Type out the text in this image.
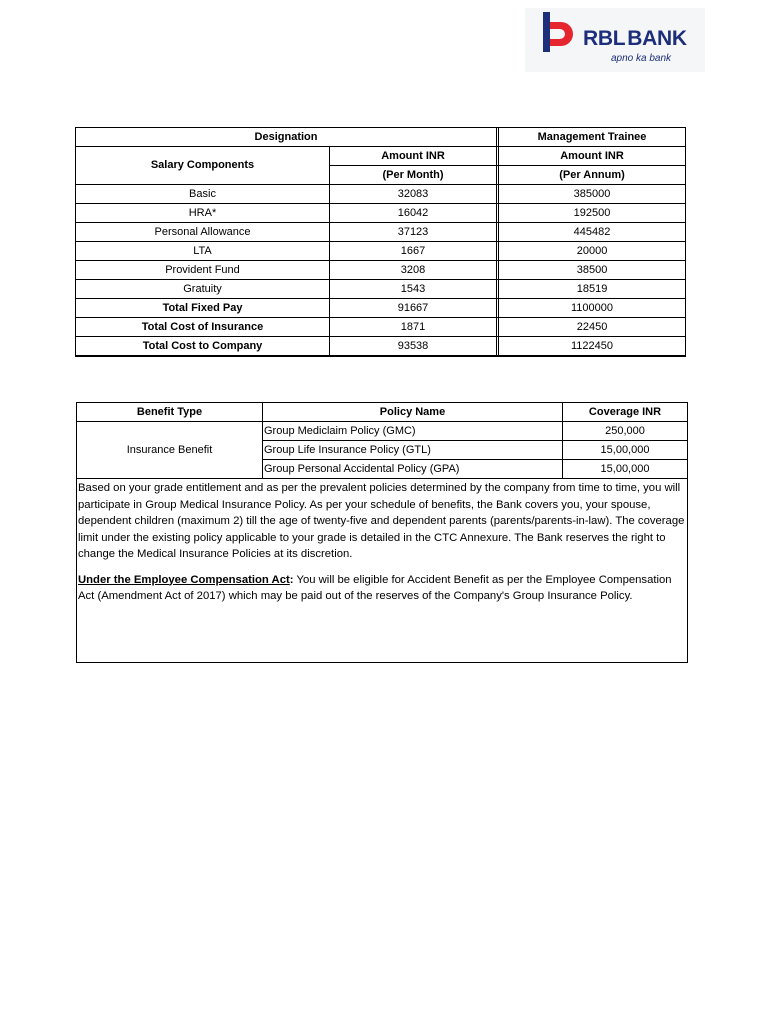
RBLBANK
apno ka bank
Designation			Management Trainee
Salary Components	Amount INR		Amount INR
	(Per Month)		(Per Annum)
Basic	32083		385000
HRA*	16042		192500
Personal Allowance	37123		445482
LTA	1667		20000
Provident Fund	3208		38500
Gratuity	1543		18519
Total Fixed Pay	91667		1100000
Total Cost of Insurance	1871		22450
Total Cost to Company	93538		1122450
Benefit Type	Policy Name	Coverage INR
Insurance Benefit	Group Mediclaim Policy (GMC)	250,000
	Group Life Insurance Policy (GTL)	15,00,000
	Group Personal Accidental Policy (GPA)	15,00,000

Based on your grade entitlement and as per the prevalent policies determined by the company from time to time, you will participate in Group Medical Insurance Policy. As per your schedule of benefits, the Bank covers you, your spouse, dependent children (maximum 2) till the age of twenty-five and dependent parents (parents/parents-in-law). The coverage limit under the existing policy applicable to your grade is detailed in the CTC Annexure. The Bank reserves the right to change the Medical Insurance Policies at its discretion.

Under the Employee Compensation Act: You will be eligible for Accident Benefit as per the Employee Compensation Act (Amendment Act of 2017) which may be paid out of the reserves of the Company's Group Insurance Policy.		
